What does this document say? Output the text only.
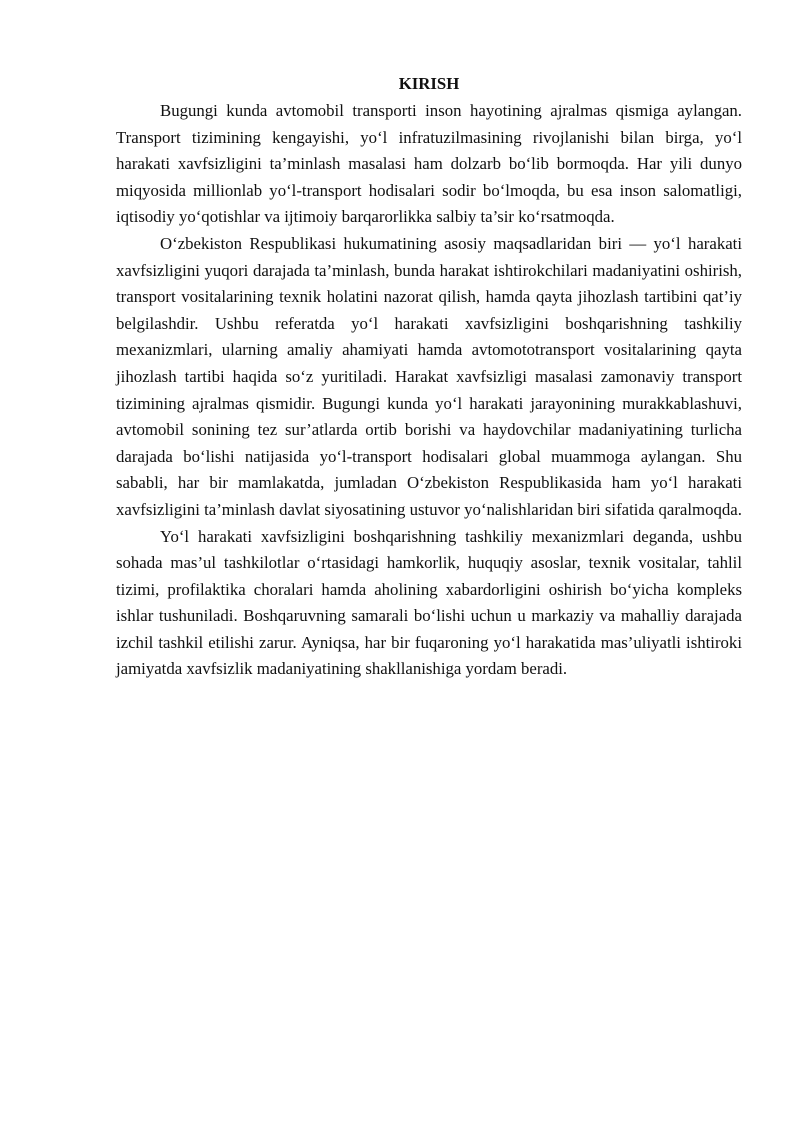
KIRISH

Bugungi kunda avtomobil transporti inson hayotining ajralmas qismiga aylangan. Transport tizimining kengayishi, yo‘l infratuzilmasining rivojlanishi bilan birga, yo‘l harakati xavfsizligini ta’minlash masalasi ham dolzarb bo‘lib bormoqda. Har yili dunyo miqyosida millionlab yo‘l-transport hodisalari sodir bo‘lmoqda, bu esa inson salomatligi, iqtisodiy yo‘qotishlar va ijtimoiy barqarorlikka salbiy ta’sir ko‘rsatmoqda.

O‘zbekiston Respublikasi hukumatining asosiy maqsadlaridan biri — yo‘l harakati xavfsizligini yuqori darajada ta’minlash, bunda harakat ishtirokchilari madaniyatini oshirish, transport vositalarining texnik holatini nazorat qilish, hamda qayta jihozlash tartibini qat’iy belgilashdir. Ushbu referatda yo‘l harakati xavfsizligini boshqarishning tashkiliy mexanizmlari, ularning amaliy ahamiyati hamda avtomototransport vositalarining qayta jihozlash tartibi haqida so‘z yuritiladi. Harakat xavfsizligi masalasi zamonaviy transport tizimining ajralmas qismidir. Bugungi kunda yo‘l harakati jarayonining murakkablashuvi, avtomobil sonining tez sur’atlarda ortib borishi va haydovchilar madaniyatining turlicha darajada bo‘lishi natijasida yo‘l-transport hodisalari global muammoga aylangan. Shu sababli, har bir mamlakatda, jumladan O‘zbekiston Respublikasida ham yo‘l harakati xavfsizligini ta’minlash davlat siyosatining ustuvor yo‘nalishlaridan biri sifatida qaralmoqda.

Yo‘l harakati xavfsizligini boshqarishning tashkiliy mexanizmlari deganda, ushbu sohada mas’ul tashkilotlar o‘rtasidagi hamkorlik, huquqiy asoslar, texnik vositalar, tahlil tizimi, profilaktika choralari hamda aholining xabardorligini oshirish bo‘yicha kompleks ishlar tushuniladi. Boshqaruvning samarali bo‘lishi uchun u markaziy va mahalliy darajada izchil tashkil etilishi zarur. Ayniqsa, har bir fuqaroning yo‘l harakatida mas’uliyatli ishtiroki jamiyatda xavfsizlik madaniyatining shakllanishiga yordam beradi.
